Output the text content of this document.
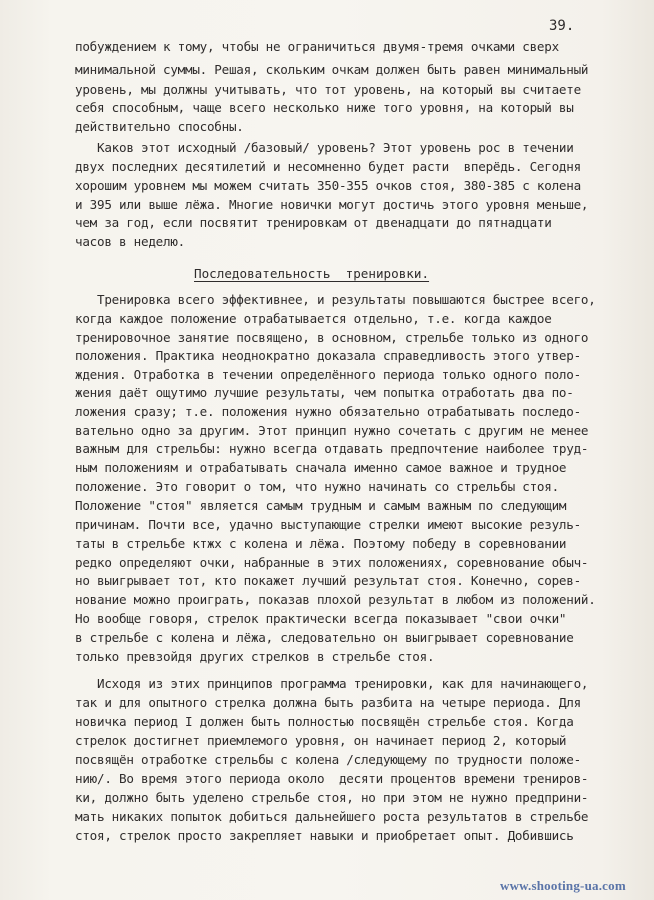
39.
побуждением к тому, чтобы не ограничиться двумя-тремя очками сверх
минимальной суммы. Решая, скольким очкам должен быть равен минимальный
уровень, мы должны учитывать, что тот уровень, на который вы считаете
себя способным, чаще всего несколько ниже того уровня, на который вы
действительно способны.
Каков этот исходный /базовый/ уровень? Этот уровень рос в течении
двух последних десятилетий и несомненно будет расти  вперёдь. Сегодня
хорошим уровнем мы можем считать 350-355 очков стоя, 380-385 с колена
и 395 или выше лёжа. Многие новички могут достичь этого уровня меньше,
чем за год, если посвятит тренировкам от двенадцати до пятнадцати
часов в неделю.
Последовательность  тренировки.
Тренировка всего эффективнее, и результаты повышаются быстрее всего,
когда каждое положение отрабатывается отдельно, т.е. когда каждое
тренировочное занятие посвящено, в основном, стрельбе только из одного
положения. Практика неоднократно доказала справедливость этого утвер-
ждения. Отработка в течении определённого периода только одного поло-
жения даёт ощутимо лучшие результаты, чем попытка отработать два по-
ложения сразу; т.е. положения нужно обязательно отрабатывать последо-
вательно одно за другим. Этот принцип нужно сочетать с другим не менее
важным для стрельбы: нужно всегда отдавать предпочтение наиболее труд-
ным положениям и отрабатывать сначала именно самое важное и трудное
положение. Это говорит о том, что нужно начинать со стрельбы стоя.
Положение "стоя" является самым трудным и самым важным по следующим
причинам. Почти все, удачно выступающие стрелки имеют высокие резуль-
таты в стрельбе ктжх с колена и лёжа. Поэтому победу в соревновании
редко определяют очки, набранные в этих положениях, соревнование обыч-
но выигрывает тот, кто покажет лучший результат стоя. Конечно, сорев-
нование можно проиграть, показав плохой результат в любом из положений.
Но вообще говоря, стрелок практически всегда показывает "свои очки"
в стрельбе с колена и лёжа, следовательно он выигрывает соревнование
только превзойдя других стрелков в стрельбе стоя.
Исходя из этих принципов программа тренировки, как для начинающего,
так и для опытного стрелка должна быть разбита на четыре периода. Для
новичка период I должен быть полностью посвящён стрельбе стоя. Когда
стрелок достигнет приемлемого уровня, он начинает период 2, который
посвящён отработке стрельбы с колена /следующему по трудности положе-
нию/. Во время этого периода около  десяти процентов времени трениров-
ки, должно быть уделено стрельбе стоя, но при этом не нужно предприни-
мать никаких попыток добиться дальнейшего роста результатов в стрельбе
стоя, стрелок просто закрепляет навыки и приобретает опыт. Добившись
www.shooting-ua.com
